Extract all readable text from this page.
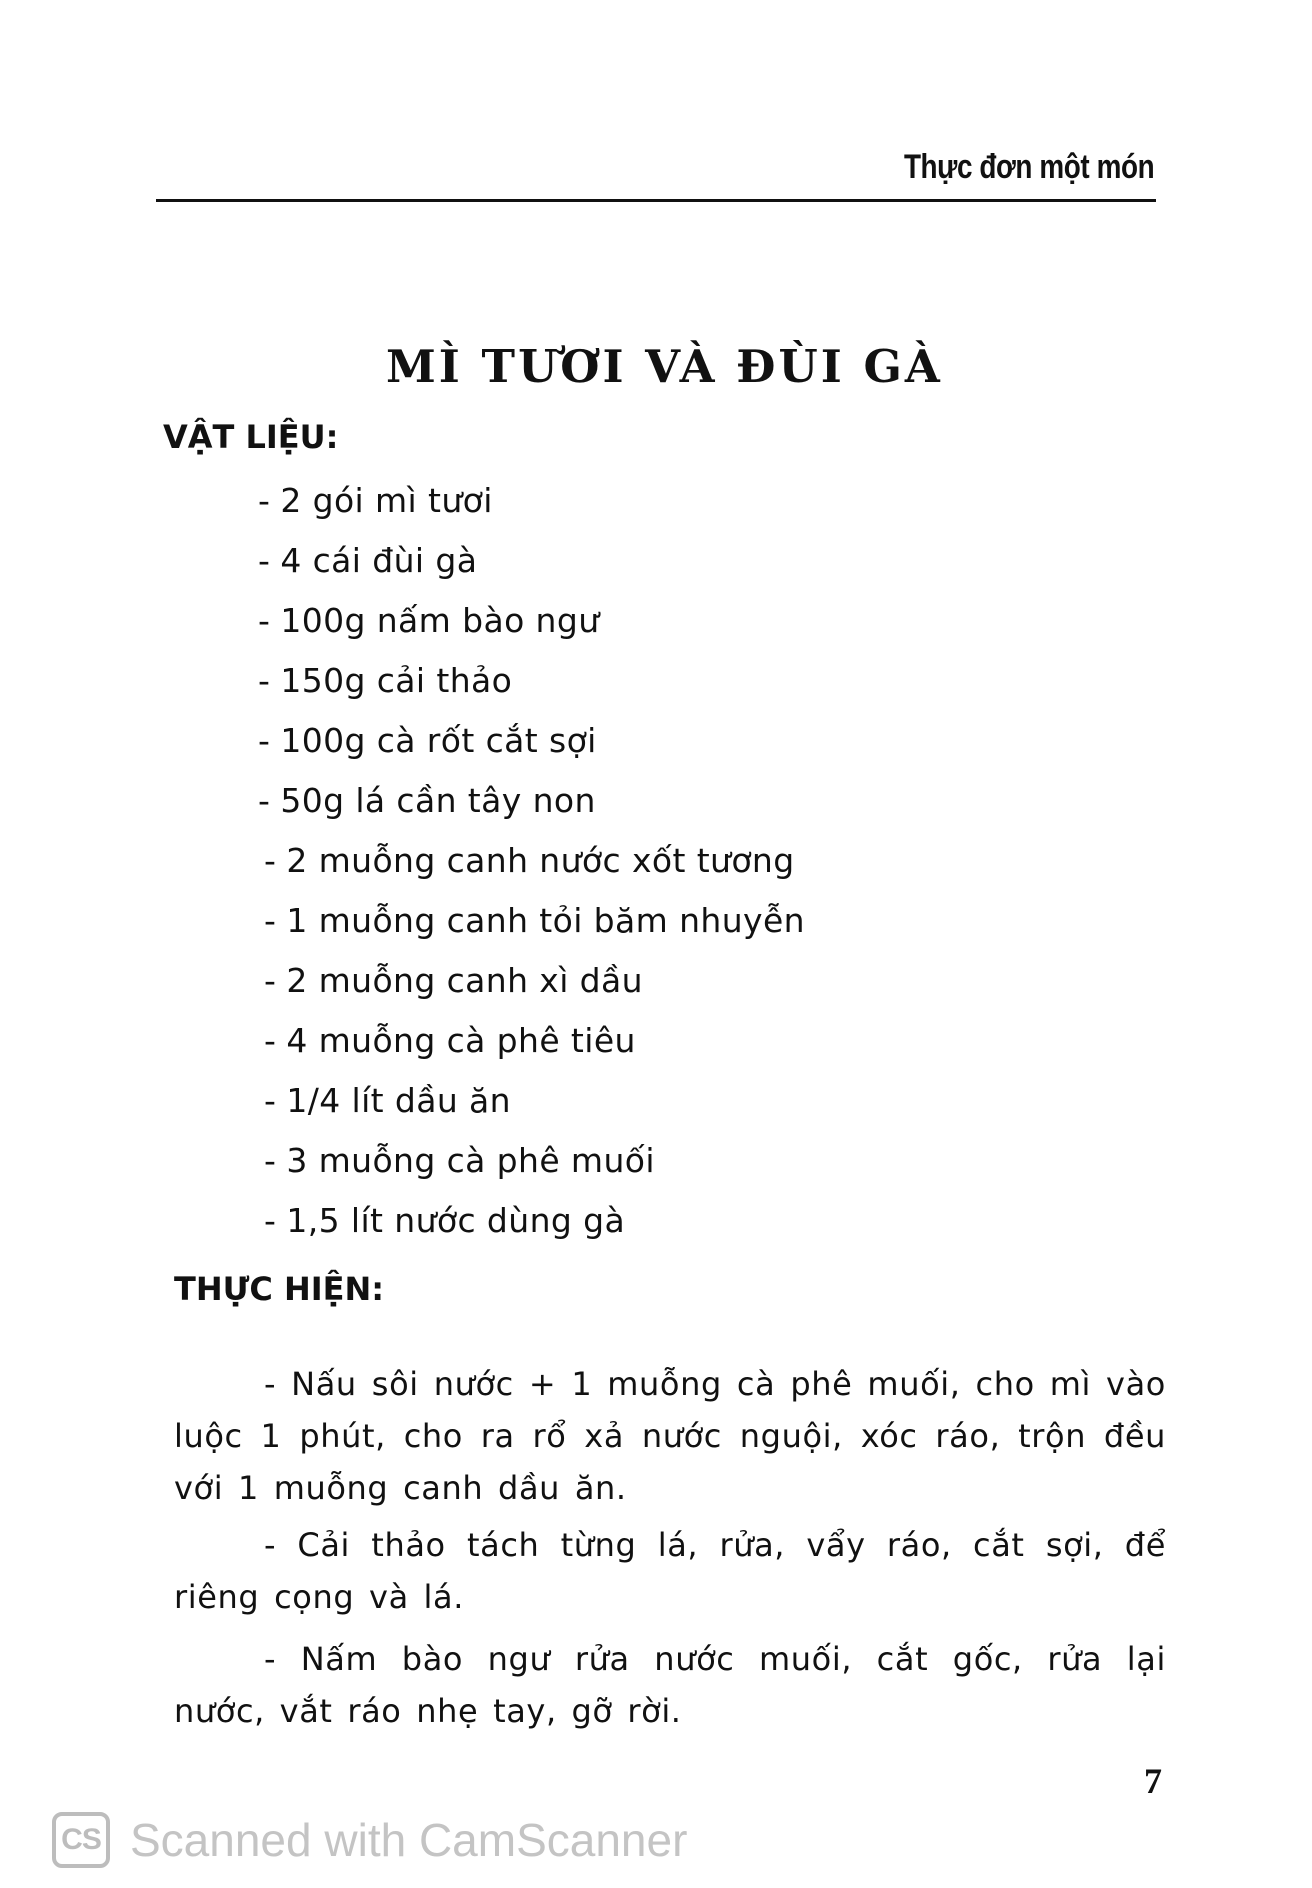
Thực đơn một món
MÌ TƯƠI VÀ ĐÙI GÀ
VẬT LIỆU:
- 2 gói mì tươi
- 4 cái đùi gà
- 100g nấm bào ngư
- 150g cải thảo
- 100g cà rốt cắt sợi
- 50g lá cần tây non
- 2 muỗng canh nước xốt tương
- 1 muỗng canh tỏi băm nhuyễn
- 2 muỗng canh xì dầu
- 4 muỗng cà phê tiêu
- 1/4 lít dầu ăn
- 3 muỗng cà phê muối
- 1,5 lít nước dùng gà
THỰC HIỆN:

- Nấu sôi nước + 1 muỗng cà phê muối, cho mì vào luộc 1 phút, cho ra rổ xả nước nguội, xóc ráo, trộn đều với 1 muỗng canh dầu ăn.

- Cải thảo tách từng lá, rửa, vẩy ráo, cắt sợi, để riêng cọng và lá.

- Nấm bào ngư rửa nước muối, cắt gốc, rửa lại nước, vắt ráo nhẹ tay, gỡ rời.

7
CS Scanned with CamScanner
